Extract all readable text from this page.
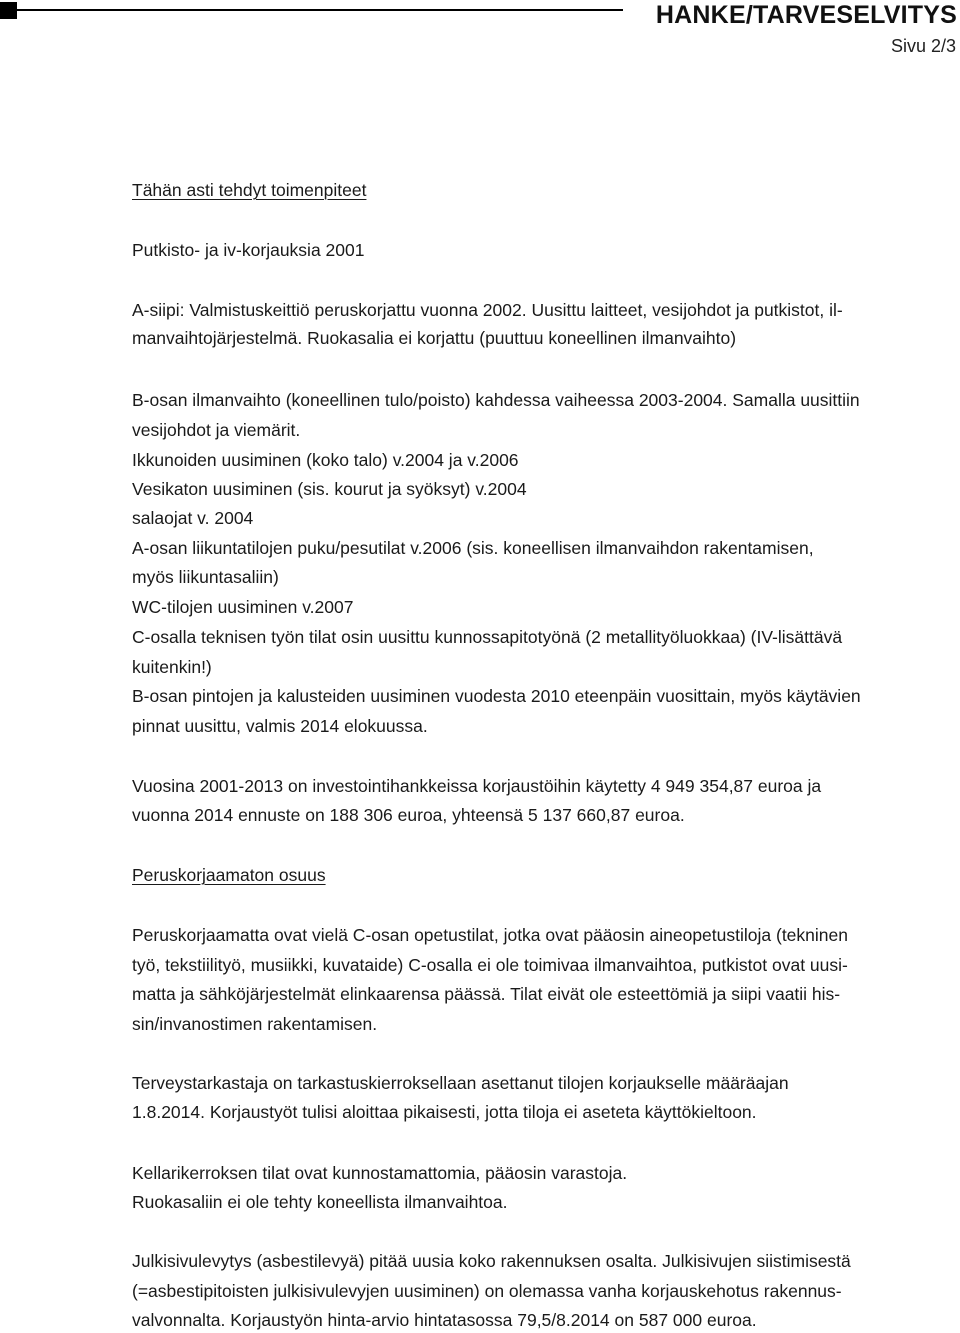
HANKE/TARVESELVITYS
Sivu 2/3
Tähän asti tehdyt toimenpiteet
Putkisto- ja iv-korjauksia 2001
A-siipi: Valmistuskeittiö peruskorjattu vuonna 2002. Uusittu laitteet, vesijohdot ja putkistot, il-
manvaihtojärjestelmä. Ruokasalia ei korjattu (puuttuu koneellinen ilmanvaihto)
B-osan ilmanvaihto (koneellinen tulo/poisto) kahdessa vaiheessa 2003-2004. Samalla uusittiin
vesijohdot ja viemärit.
Ikkunoiden uusiminen (koko talo) v.2004 ja v.2006
Vesikaton uusiminen (sis. kourut ja syöksyt) v.2004
salaojat v. 2004
A-osan liikuntatilojen puku/pesutilat v.2006 (sis. koneellisen ilmanvaihdon rakentamisen,
myös liikuntasaliin)
WC-tilojen uusiminen v.2007
C-osalla teknisen työn tilat osin uusittu kunnossapitotyönä (2 metallityöluokkaa) (IV-lisättävä
kuitenkin!)
B-osan pintojen ja kalusteiden uusiminen vuodesta 2010 eteenpäin vuosittain, myös käytävien
pinnat uusittu, valmis 2014 elokuussa.
Vuosina 2001-2013 on investointihankkeissa korjaustöihin käytetty 4 949 354,87 euroa ja
vuonna 2014 ennuste on 188 306 euroa, yhteensä 5 137 660,87 euroa.
Peruskorjaamaton osuus
Peruskorjaamatta ovat vielä C-osan opetustilat, jotka ovat pääosin aineopetustiloja (tekninen
työ, tekstiilityö, musiikki, kuvataide) C-osalla ei ole toimivaa ilmanvaihtoa, putkistot ovat uusi-
matta ja sähköjärjestelmät elinkaarensa päässä. Tilat eivät ole esteettömiä ja siipi vaatii his-
sin/invanostimen rakentamisen.
Terveystarkastaja on tarkastuskierroksellaan asettanut tilojen korjaukselle määräajan
1.8.2014. Korjaustyöt tulisi aloittaa pikaisesti, jotta tiloja ei aseteta käyttökieltoon.
Kellarikerroksen tilat ovat kunnostamattomia, pääosin varastoja.
Ruokasaliin ei ole tehty koneellista ilmanvaihtoa.
Julkisivulevytys (asbestilevyä) pitää uusia koko rakennuksen osalta. Julkisivujen siistimisestä
(=asbestipitoisten julkisivulevyjen uusiminen) on olemassa vanha korjauskehotus rakennus-
valvonnalta. Korjaustyön hinta-arvio hintatasossa 79,5/8.2014 on 587 000 euroa.
